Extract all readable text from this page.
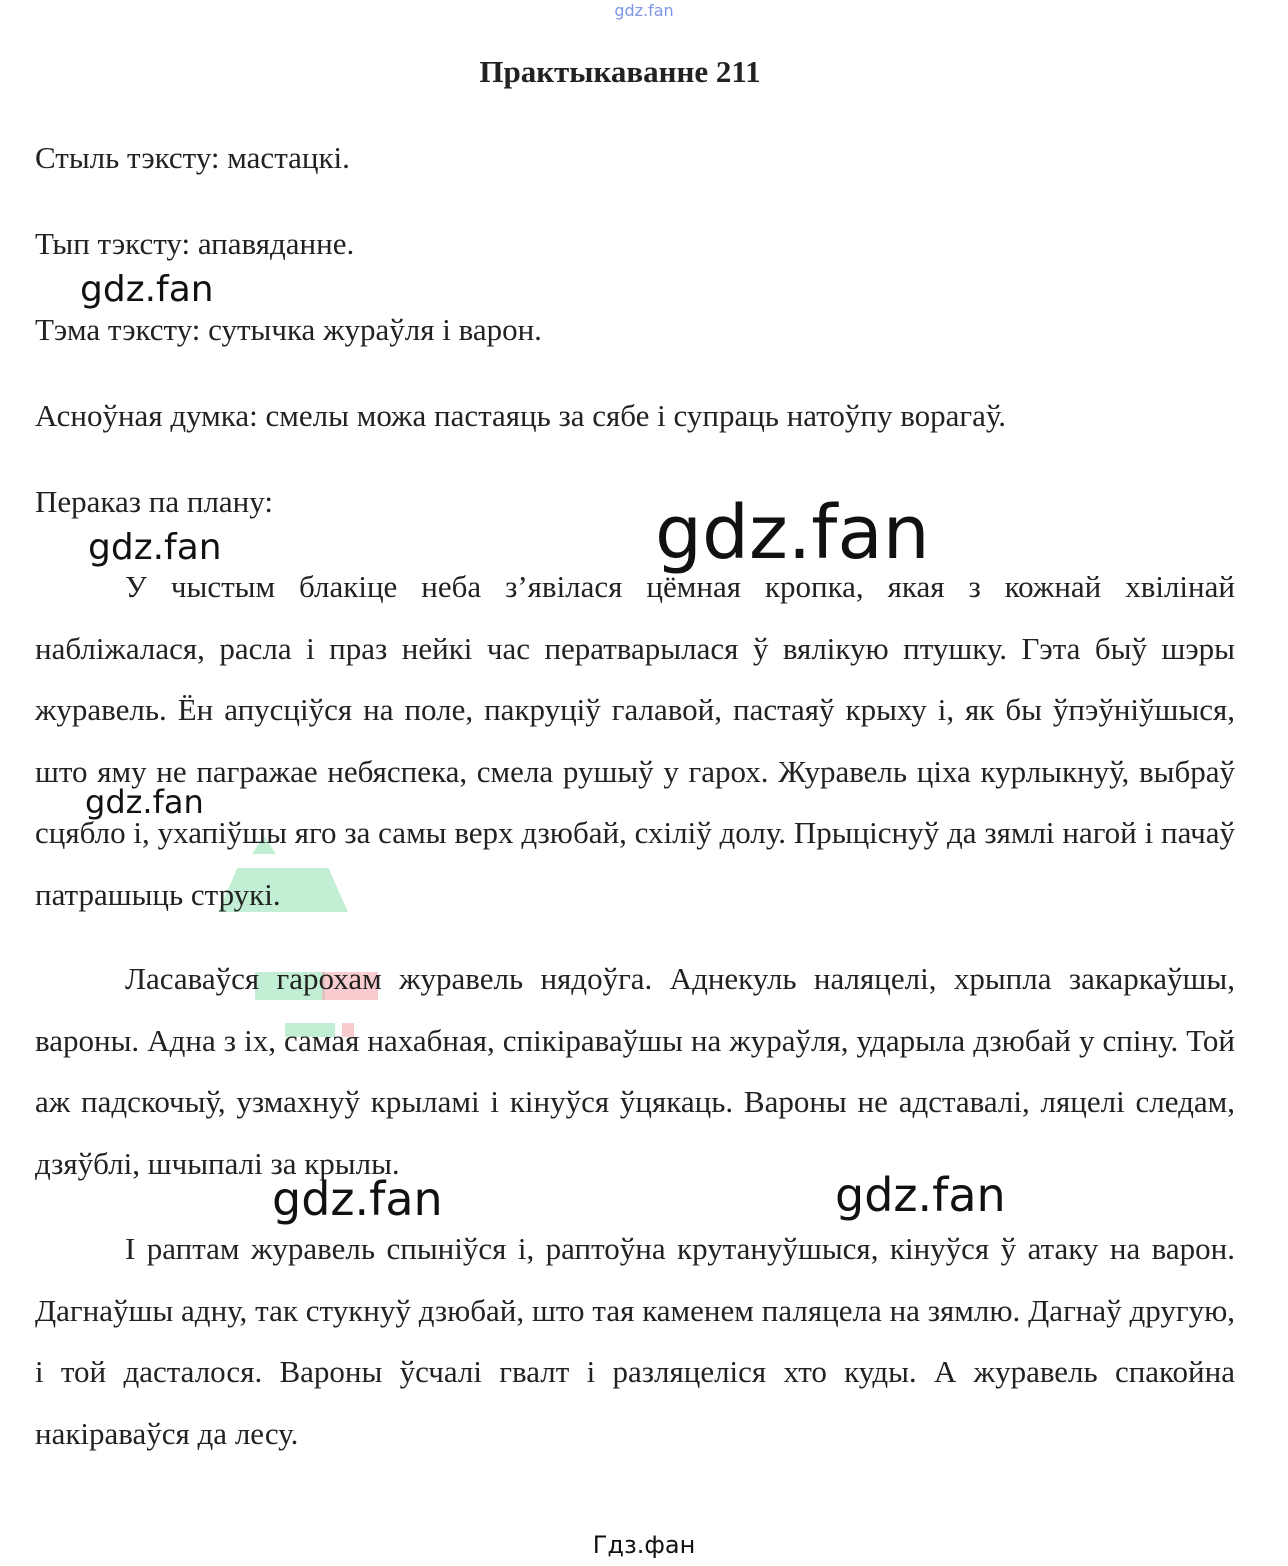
gdz.fan
Практыкаванне 211
Стыль тэксту: мастацкі.
Тып тэксту: апавяданне.
Тэма тэксту: сутычка жураўля і варон.
Асноўная думка: смелы можа пастаяць за сябе і супраць натоўпу ворагаў.
Пераказ па плану:

У чыстым блакіце неба з’явілася цёмная кропка, якая з кожнай хвілінай набліжалася, расла і праз нейкі час ператварылася ў вялікую птушку. Гэта быў шэры журавель. Ён апусціўся на поле, пакруціў галавой, пастаяў крыху і, як бы ўпэўніўшыся, што яму не пагражае небяспека, смела рушыў у гарох. Журавель ціха курлыкнуў, выбраў сцябло і, ухапіўшы яго за самы верх дзюбай, схіліў долу. Прыціснуў да зямлі нагой і пачаў патрашыць струкі.

Ласаваўся гарохам журавель нядоўга. Аднекуль наляцелі, хрыпла закаркаўшы, вароны. Адна з іх, самая нахабная, спікіраваўшы на жураўля, ударыла дзюбай у спіну. Той аж падскочыў, узмахнуў крыламі і кінуўся ўцякаць. Вароны не адставалі, ляцелі следам, дзяўблі, шчыпалі за крылы.

І раптам журавель спыніўся і, раптоўна крутануўшыся, кінуўся ў атаку на варон. Дагнаўшы адну, так стукнуў дзюбай, што тая каменем паляцела на зямлю. Дагнаў другую, і той дасталося. Вароны ўсчалі гвалт і разляцеліся хто куды. А журавель спакойна накіраваўся да лесу.

gdz.fan
gdz.fan
gdz.fan
gdz.fan
gdz.fan	gdz.fan
Гдз.фан
